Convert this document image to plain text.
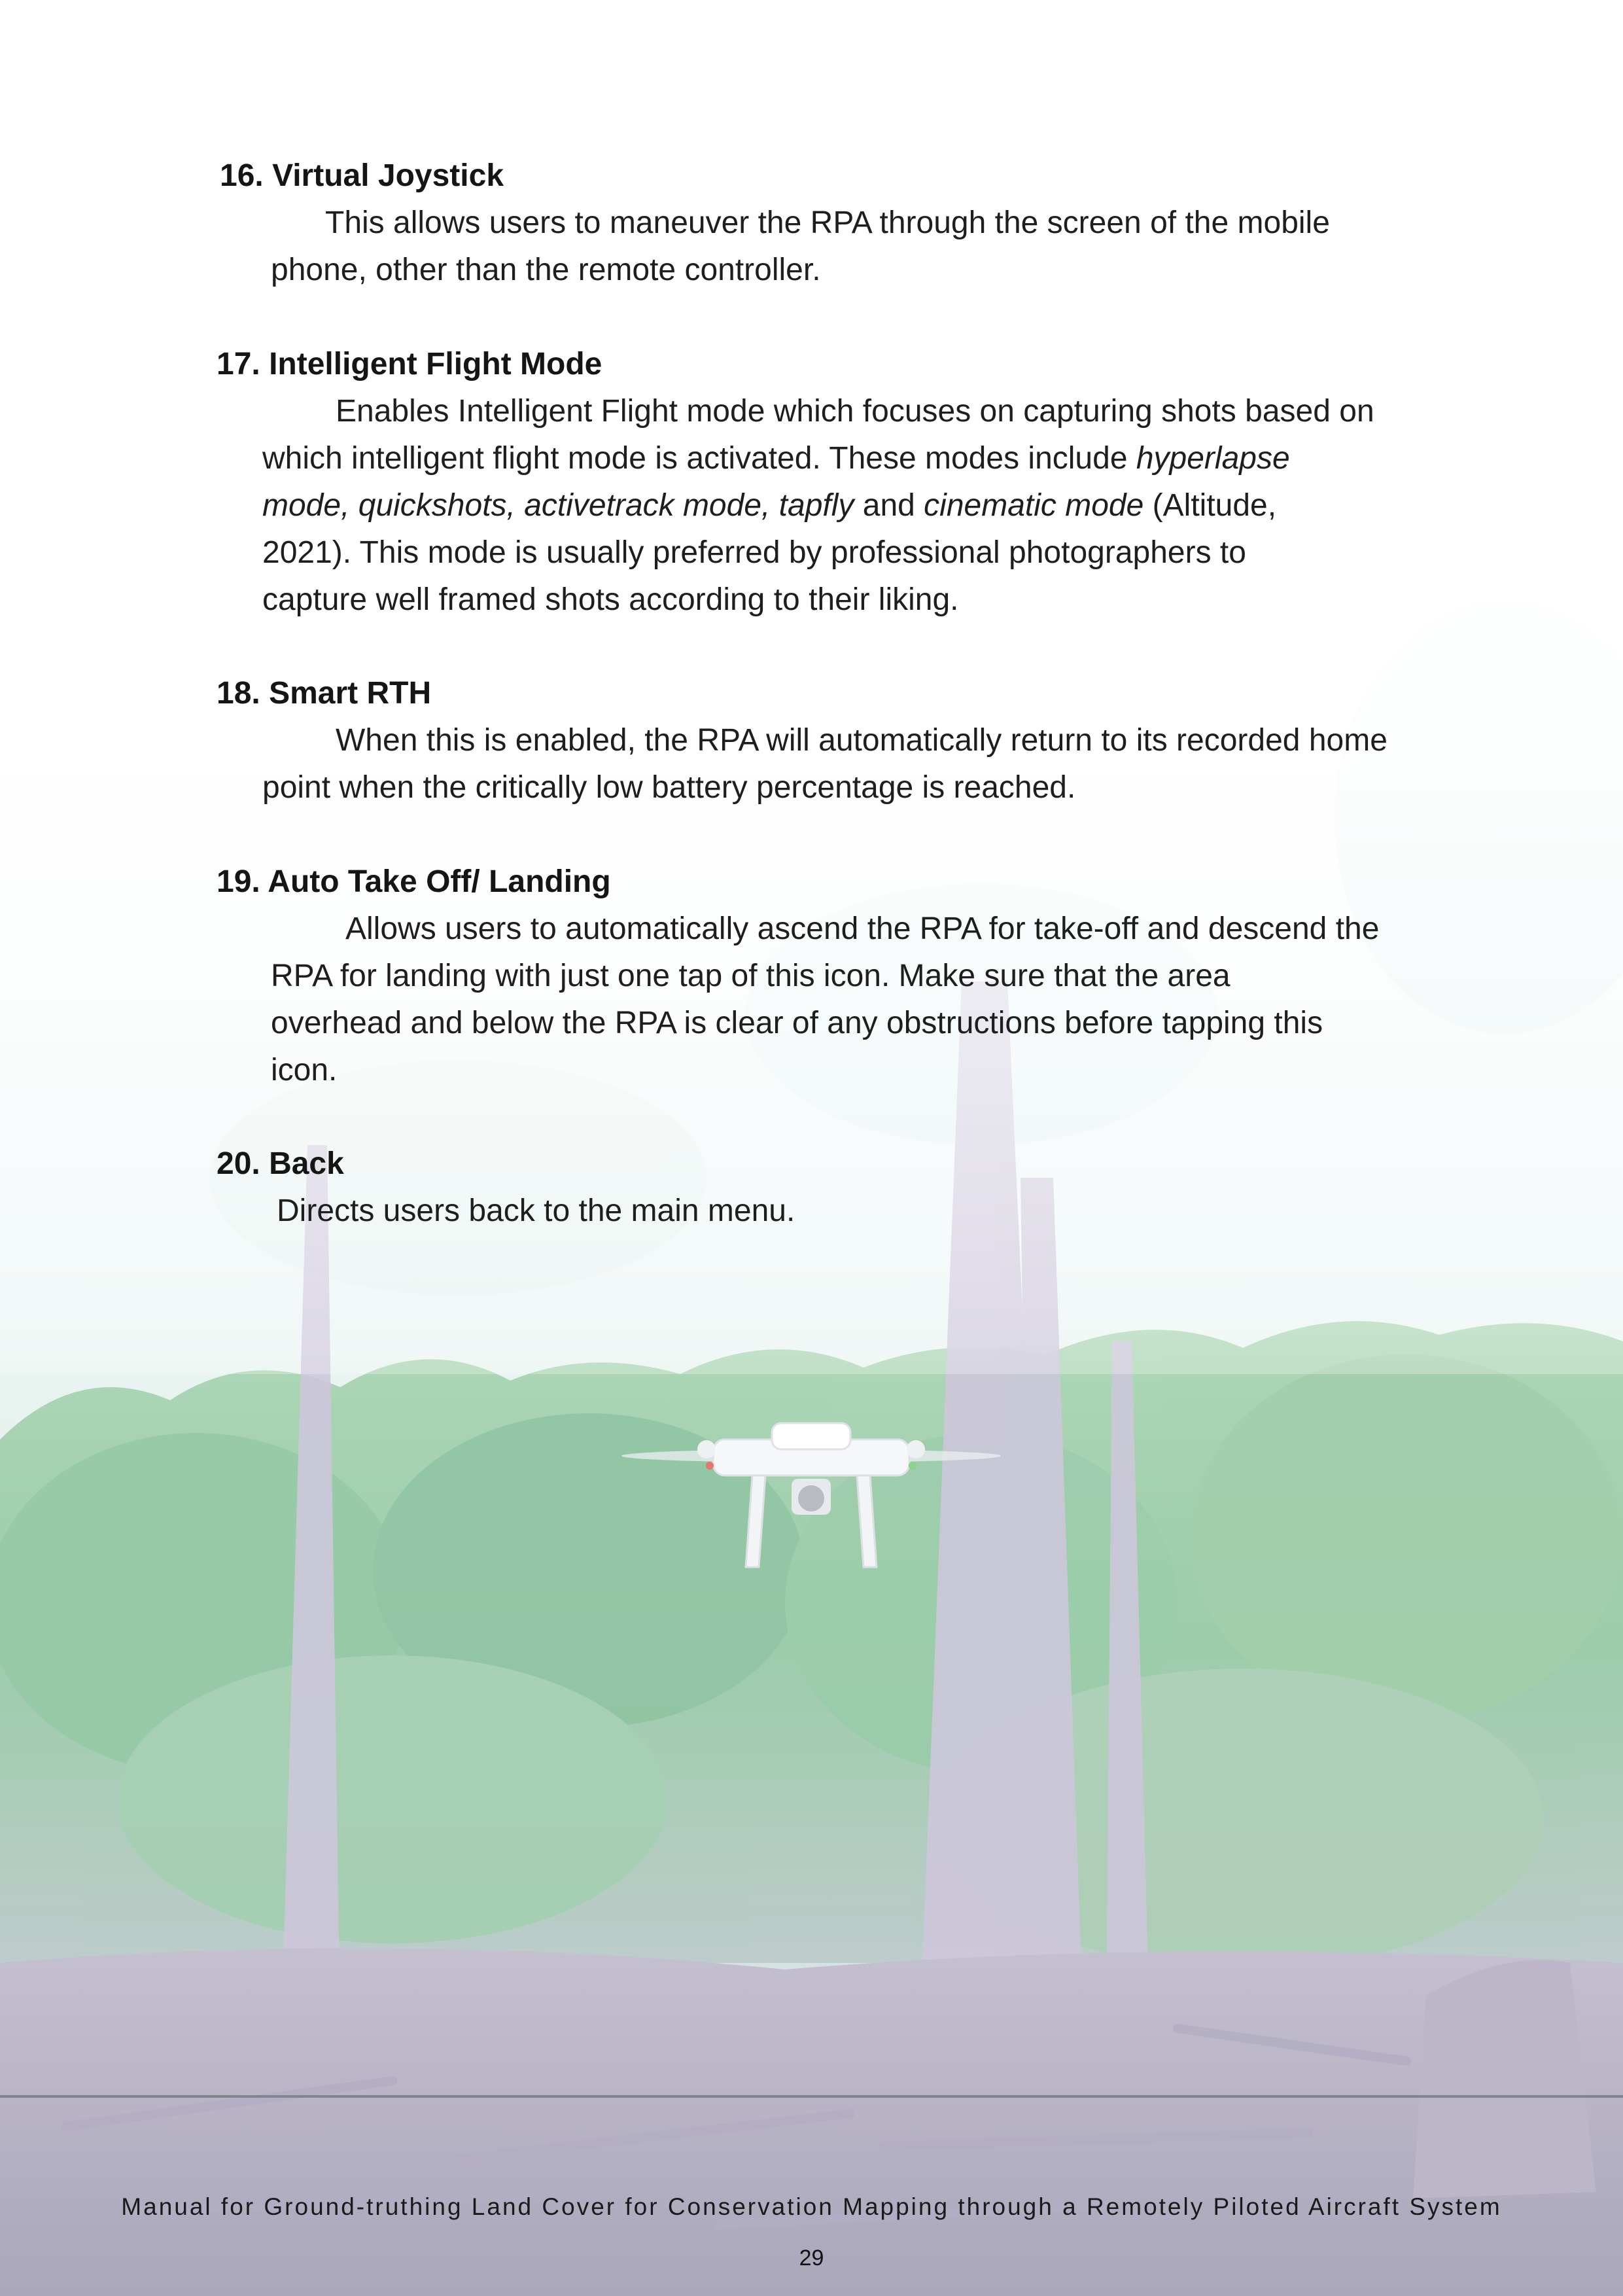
16. Virtual Joystick

This allows users to maneuver the RPA through the screen of the mobile

phone, other than the remote controller.

17. Intelligent Flight Mode

Enables Intelligent Flight mode which focuses on capturing shots based on

which intelligent flight mode is activated. These modes include hyperlapse

mode, quickshots, activetrack mode, tapfly and cinematic mode (Altitude,

2021). This mode is usually preferred by professional photographers to

capture well framed shots according to their liking.

18. Smart RTH

When this is enabled, the RPA will automatically return to its recorded home

point when the critically low battery percentage is reached.

19. Auto Take Off/ Landing

Allows users to automatically ascend the RPA for take-off and descend the

RPA for landing with just one tap of this icon. Make sure that the area

overhead and below the RPA is clear of any obstructions before tapping this

icon.

20. Back

Directs users back to the main menu.

Manual for Ground-truthing Land Cover for Conservation Mapping through a Remotely Piloted Aircraft System
29
